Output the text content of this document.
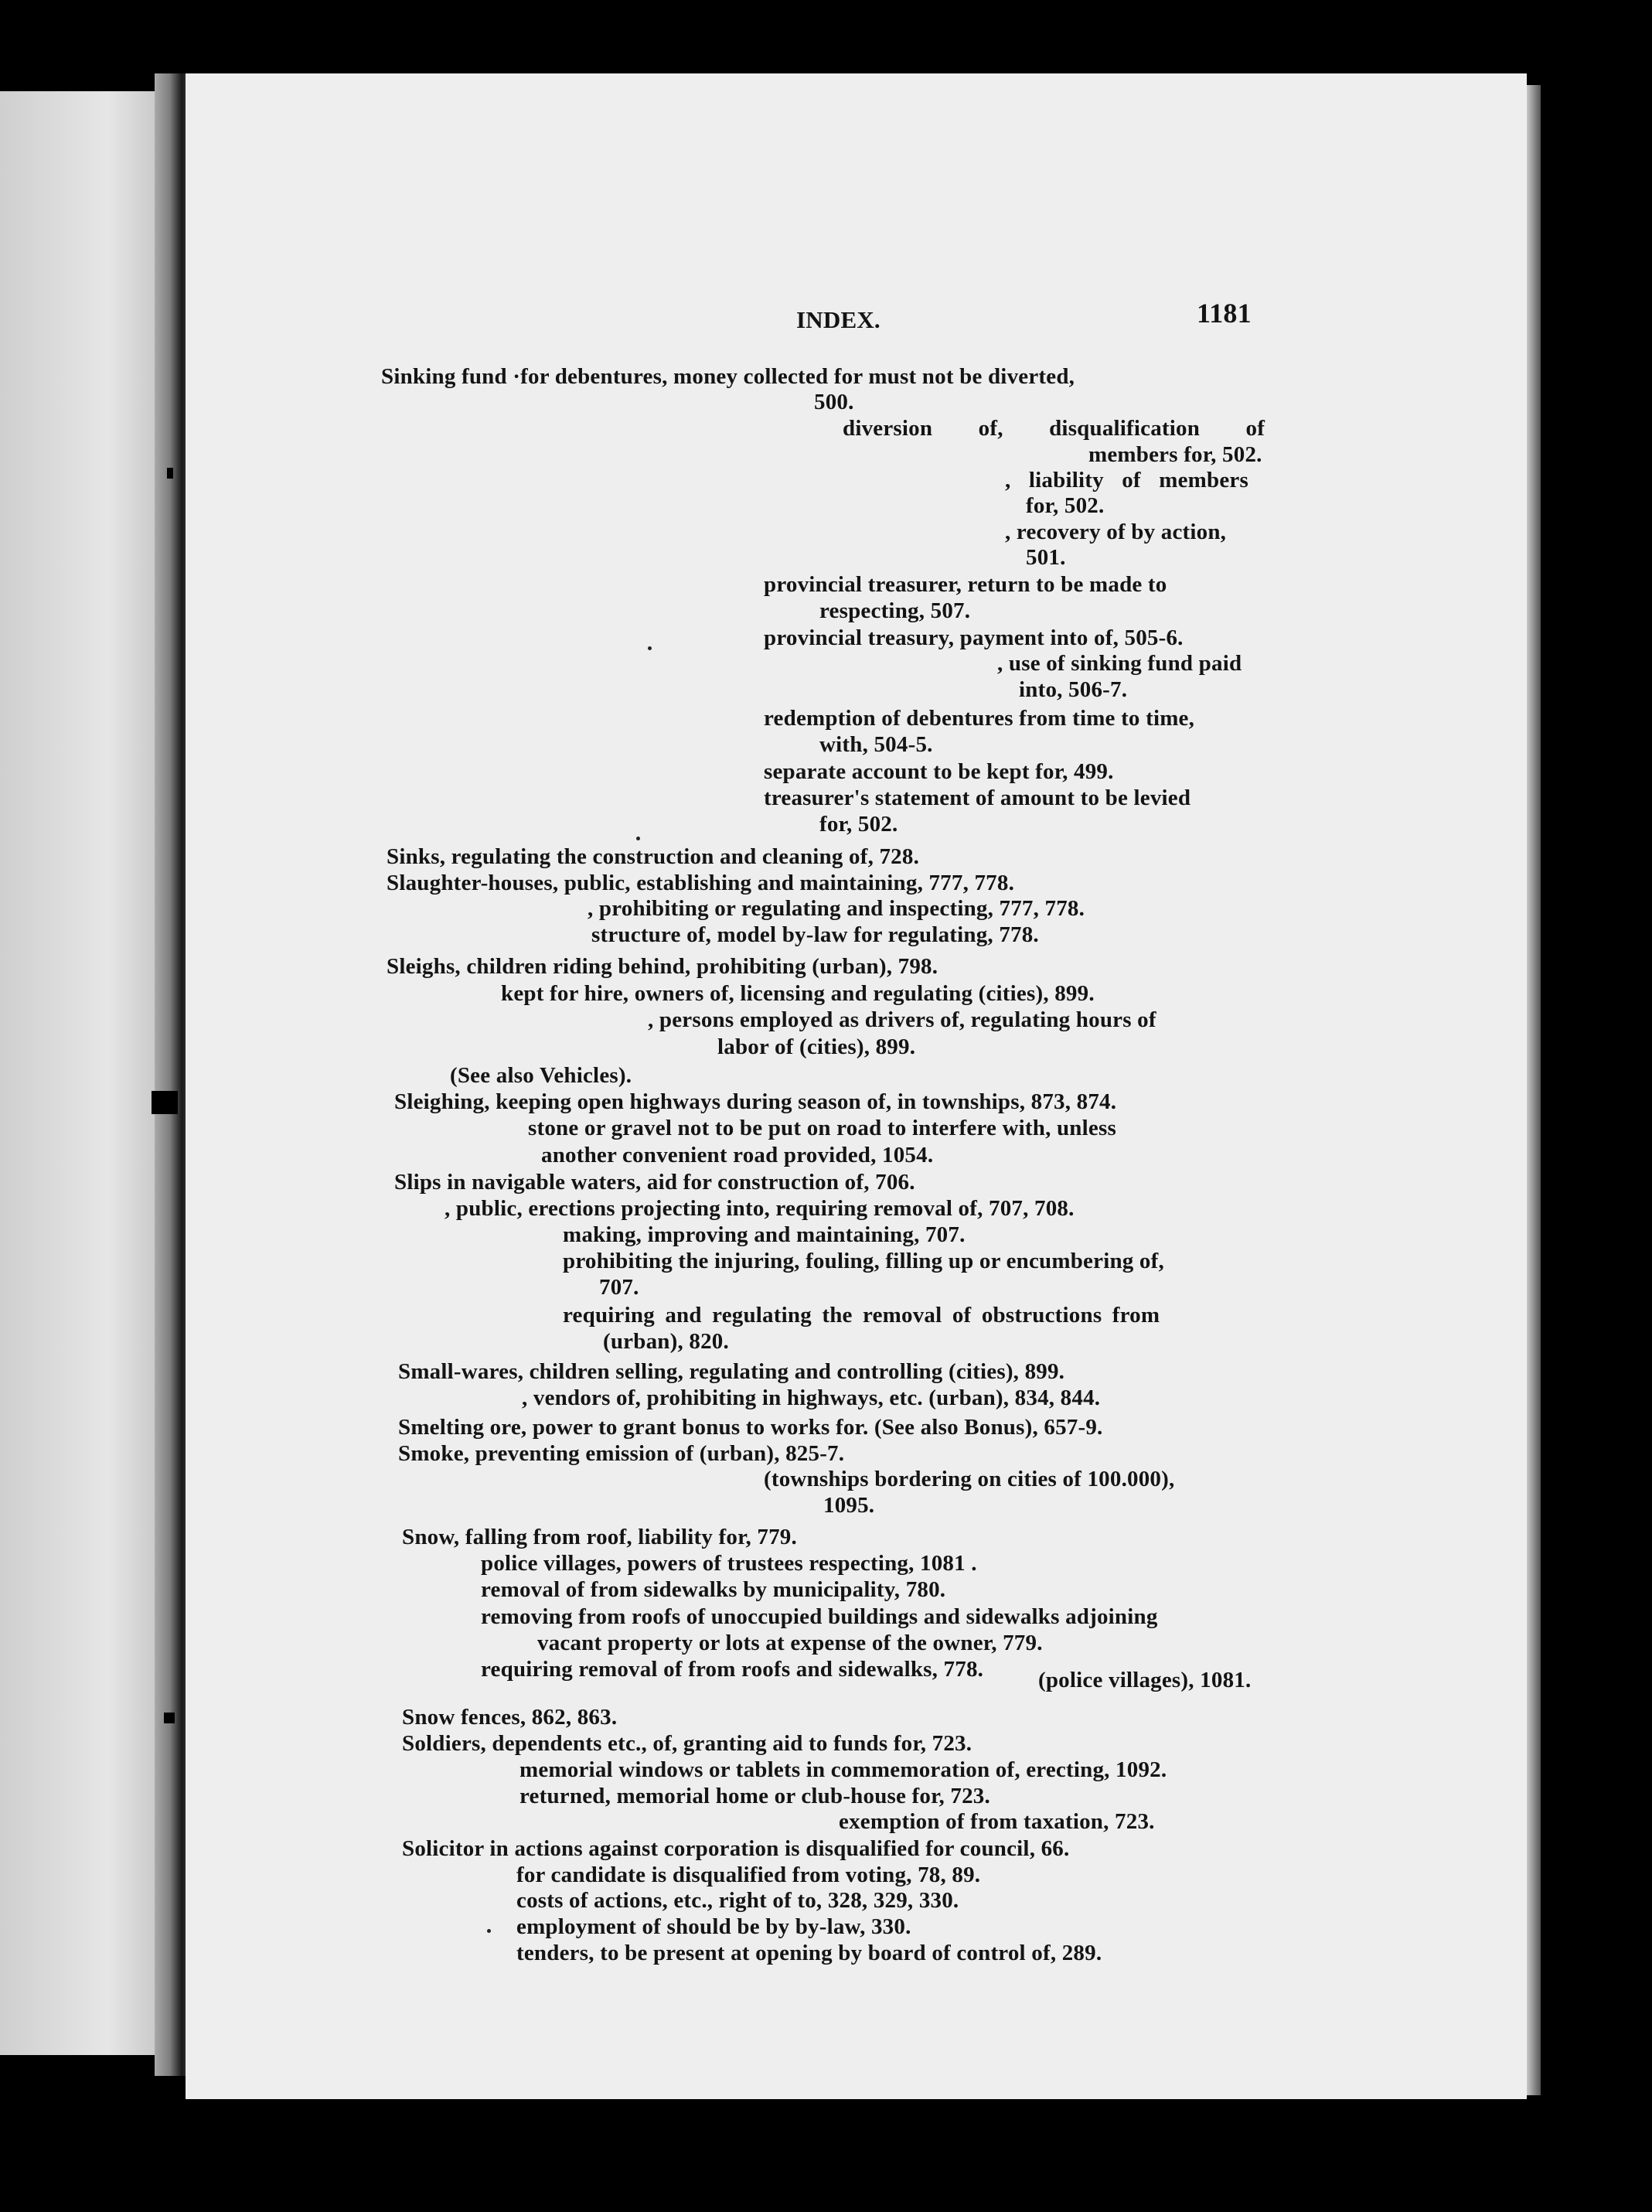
INDEX.	1181
Sinking fund ·for debentures, money collected for must not be diverted,
500.
diversion of, disqualification of
members for, 502.
, liability of members
for, 502.
, recovery of by action,
501.
provincial treasurer, return to be made to
respecting, 507.
provincial treasury, payment into of, 505-6.
, use of sinking fund paid
into, 506-7.
redemption of debentures from time to time,
with, 504-5.
separate account to be kept for, 499.
treasurer's statement of amount to be levied
for, 502.
Sinks, regulating the construction and cleaning of, 728.
Slaughter-houses, public, establishing and maintaining, 777, 778.
, prohibiting or regulating and inspecting, 777, 778.
structure of, model by-law for regulating, 778.
Sleighs, children riding behind, prohibiting (urban), 798.
kept for hire, owners of, licensing and regulating (cities), 899.
, persons employed as drivers of, regulating hours of
labor of (cities), 899.
(See also Vehicles).
Sleighing, keeping open highways during season of, in townships, 873, 874.
stone or gravel not to be put on road to interfere with, unless
another convenient road provided, 1054.
Slips in navigable waters, aid for construction of, 706.
, public, erections projecting into, requiring removal of, 707, 708.
making, improving and maintaining, 707.
prohibiting the injuring, fouling, filling up or encumbering of,
707.
requiring and regulating the removal of obstructions from
(urban), 820.
Small-wares, children selling, regulating and controlling (cities), 899.
, vendors of, prohibiting in highways, etc. (urban), 834, 844.
Smelting ore, power to grant bonus to works for. (See also Bonus), 657-9.
Smoke, preventing emission of (urban), 825-7.
(townships bordering on cities of 100.000),
1095.
Snow, falling from roof, liability for, 779.
police villages, powers of trustees respecting, 1081 .
removal of from sidewalks by municipality, 780.
removing from roofs of unoccupied buildings and sidewalks adjoining
vacant property or lots at expense of the owner, 779.
requiring removal of from roofs and sidewalks, 778. (police villages), 1081.
Snow fences, 862, 863.
Soldiers, dependents etc., of, granting aid to funds for, 723.
memorial windows or tablets in commemoration of, erecting, 1092.
returned, memorial home or club-house for, 723.
exemption of from taxation, 723.
Solicitor in actions against corporation is disqualified for council, 66.
for candidate is disqualified from voting, 78, 89.
costs of actions, etc., right of to, 328, 329, 330.
employment of should be by by-law, 330.
tenders, to be present at opening by board of control of, 289.
